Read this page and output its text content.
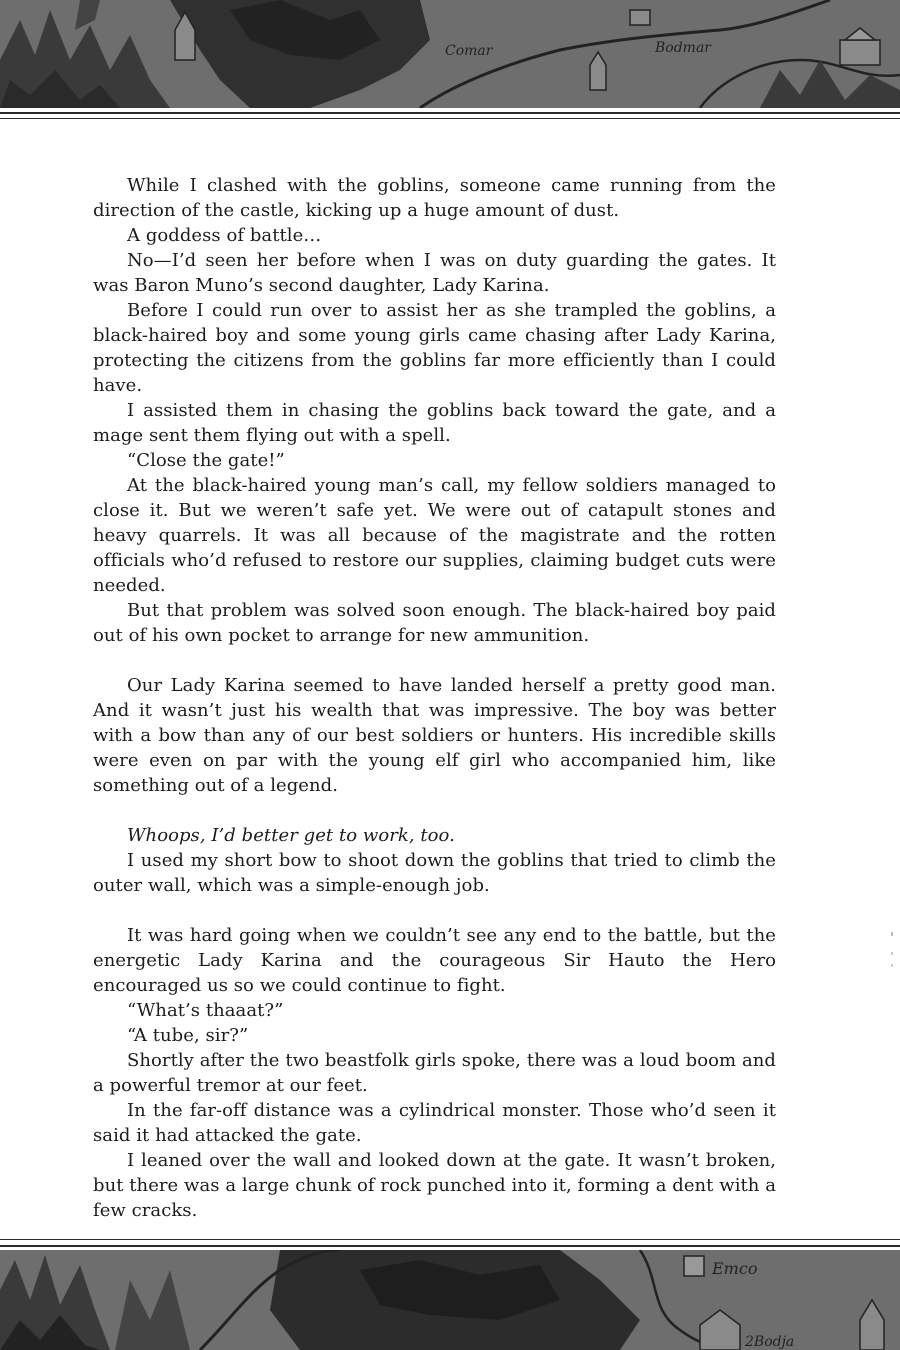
Comar	Bodmar

While I clashed with the goblins, someone came running from the direction of the castle, kicking up a huge amount of dust.

A goddess of battle…

No—I’d seen her before when I was on duty guarding the gates. It was Baron Muno’s second daughter, Lady Karina.

Before I could run over to assist her as she trampled the goblins, a black-haired boy and some young girls came chasing after Lady Karina, protecting the citizens from the goblins far more efficiently than I could have.

I assisted them in chasing the goblins back toward the gate, and a mage sent them flying out with a spell.

“Close the gate!”

At the black-haired young man’s call, my fellow soldiers managed to close it. But we weren’t safe yet. We were out of catapult stones and heavy quarrels. It was all because of the magistrate and the rotten officials who’d refused to restore our supplies, claiming budget cuts were needed.

But that problem was solved soon enough. The black-haired boy paid out of his own pocket to arrange for new ammunition.

Our Lady Karina seemed to have landed herself a pretty good man. And it wasn’t just his wealth that was impressive. The boy was better with a bow than any of our best soldiers or hunters. His incredible skills were even on par with the young elf girl who accompanied him, like something out of a legend.

Whoops, I’d better get to work, too.

I used my short bow to shoot down the goblins that tried to climb the outer wall, which was a simple-enough job.

It was hard going when we couldn’t see any end to the battle, but the energetic Lady Karina and the courageous Sir Hauto the Hero encouraged us so we could continue to fight.

“What’s thaaat?”

“A tube, sir?”

Shortly after the two beastfolk girls spoke, there was a loud boom and a powerful tremor at our feet.

In the far-off distance was a cylindrical monster. Those who’d seen it said it had attacked the gate.

I leaned over the wall and looked down at the gate. It wasn’t broken, but there was a large chunk of rock punched into it, forming a dent with a few cracks.

Emco
2Bodja
